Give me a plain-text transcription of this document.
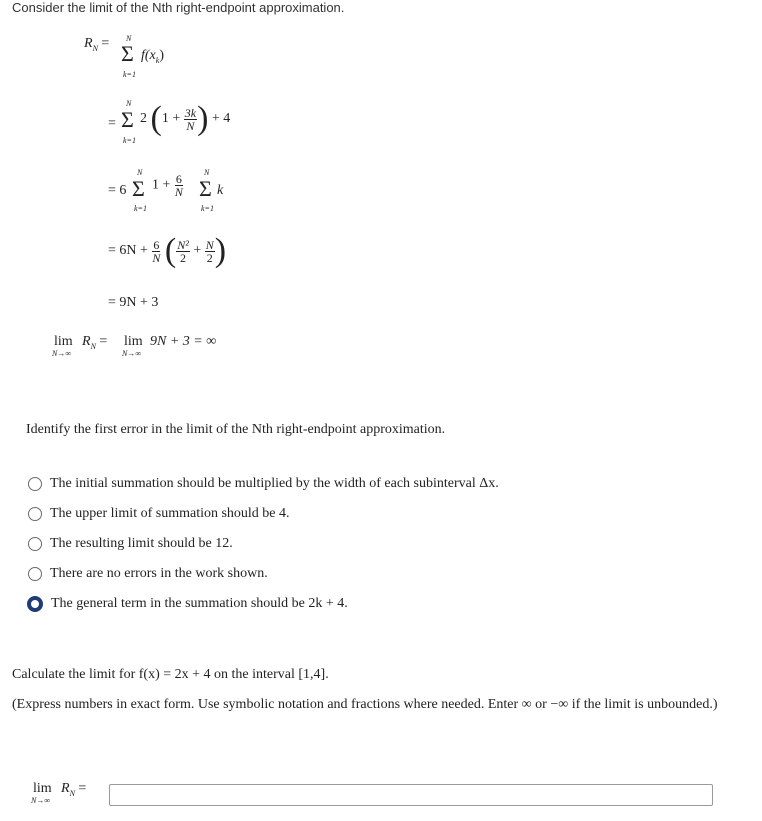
Consider the limit of the Nth right-endpoint approximation.
$R_N = N$
Σ
k=1
$f(x_k)$
=
N
Σ
k=1
2 ($1 + \frac{3k}{N}$ ) + 4
= 6
N
Σ
k=1
$1 + \frac{6}{N}$
N
Σ
k=1
k
= $6N + \frac{6}{N}$ ( $\frac{\text{N²}}{2} + \frac{N}{2}$ )
= 9N + 3
lim
N→∞
$R_N = \lim$
N→∞
9N + 3 = ∞
Identify the first error in the limit of the Nth right-endpoint approximation.
The initial summation should be multiplied by the width of each subinterval Δx.
The upper limit of summation should be 4.
The resulting limit should be 12.
There are no errors in the work shown.
The general term in the summation should be 2k + 4.
Calculate the limit for f(x) = 2x + 4 on the interval [1,4].
(Express numbers in exact form. Use symbolic notation and fractions where needed. Enter ∞ or −∞ if the limit is unbounded.)
lim
N→∞
$R_N$ =
